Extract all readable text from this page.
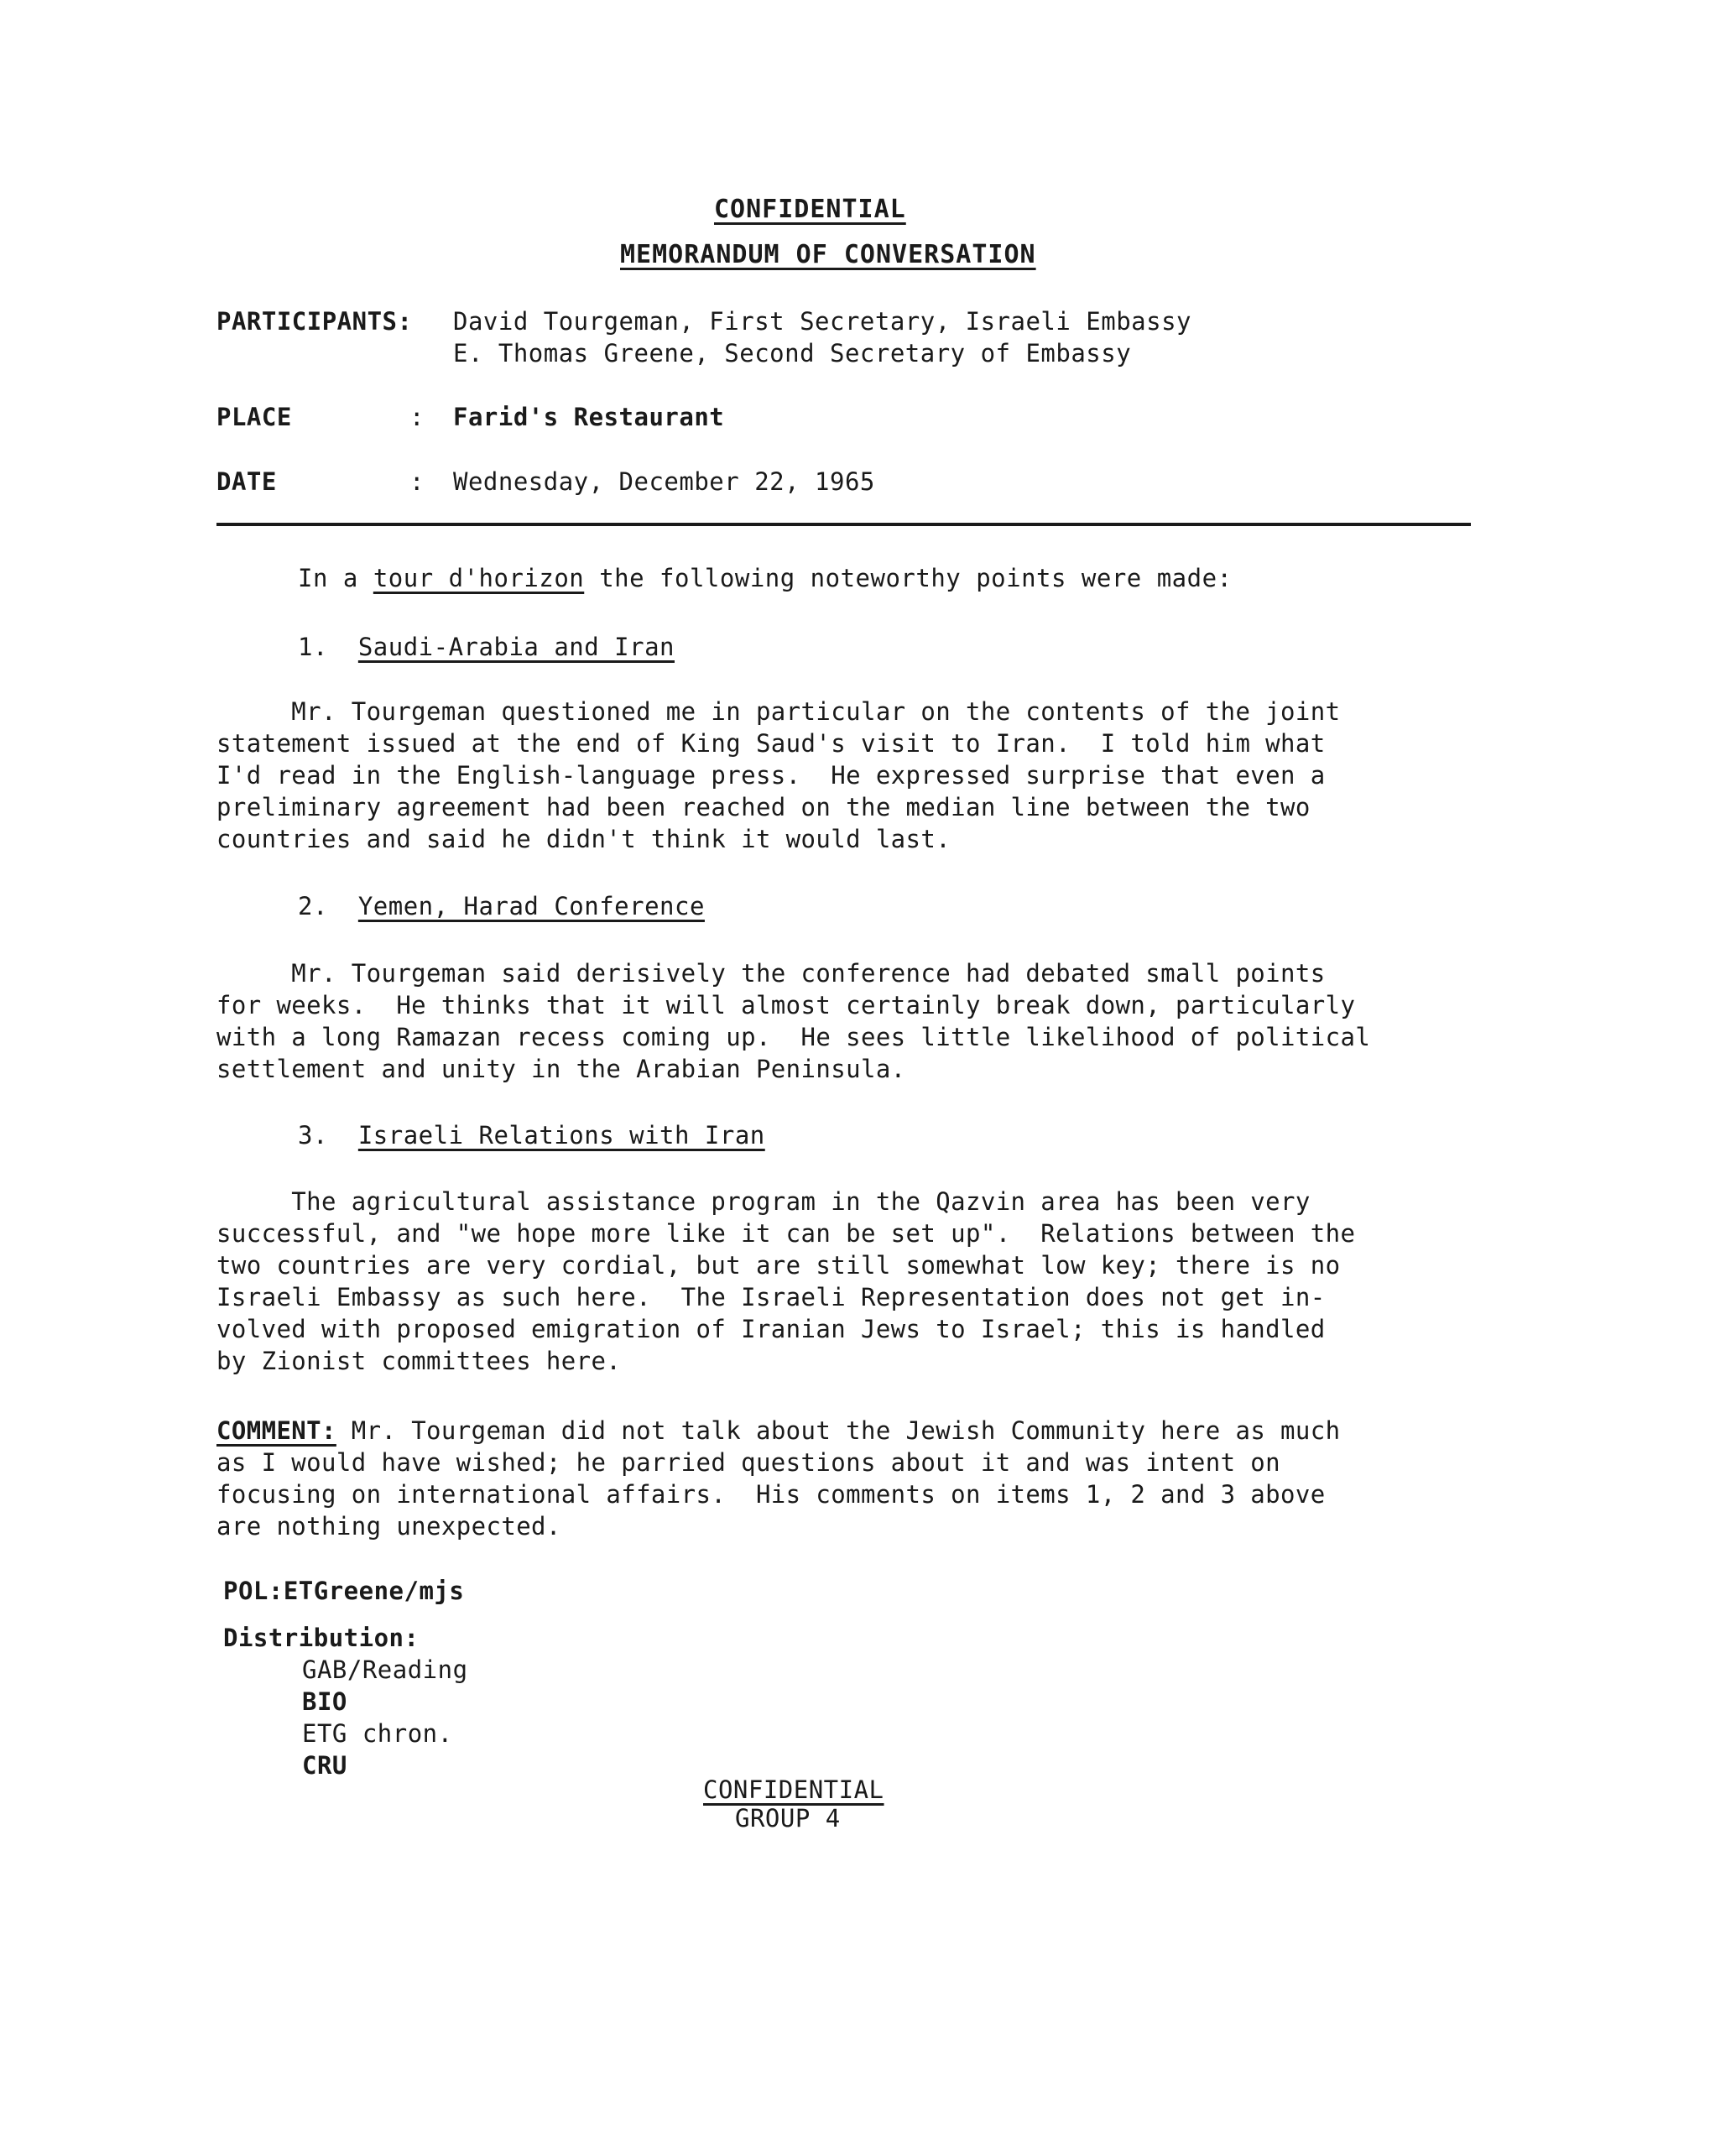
CONFIDENTIAL
MEMORANDUM OF CONVERSATION
PARTICIPANTS: David Tourgeman, First Secretary, Israeli Embassy
E. Thomas Greene, Second Secretary of Embassy
PLACE	: Farid's Restaurant
DATE	: Wednesday, December 22, 1965
In a tour d'horizon the following noteworthy points were made:
1. Saudi-Arabia and Iran
Mr. Tourgeman questioned me in particular on the contents of the joint
statement issued at the end of King Saud's visit to Iran.  I told him what
I'd read in the English-language press.  He expressed surprise that even a
preliminary agreement had been reached on the median line between the two
countries and said he didn't think it would last.
2. Yemen, Harad Conference
Mr. Tourgeman said derisively the conference had debated small points
for weeks.  He thinks that it will almost certainly break down, particularly
with a long Ramazan recess coming up.  He sees little likelihood of political
settlement and unity in the Arabian Peninsula.
3. Israeli Relations with Iran
The agricultural assistance program in the Qazvin area has been very
successful, and "we hope more like it can be set up".  Relations between the
two countries are very cordial, but are still somewhat low key; there is no
Israeli Embassy as such here.  The Israeli Representation does not get in-
volved with proposed emigration of Iranian Jews to Israel; this is handled
by Zionist committees here.
COMMENT: Mr. Tourgeman did not talk about the Jewish Community here as much
as I would have wished; he parried questions about it and was intent on
focusing on international affairs.  His comments on items 1, 2 and 3 above
are nothing unexpected.
POL:ETGreene/mjs
Distribution:
GAB/Reading
BIO
ETG chron.
CRU
CONFIDENTIAL
GROUP 4
